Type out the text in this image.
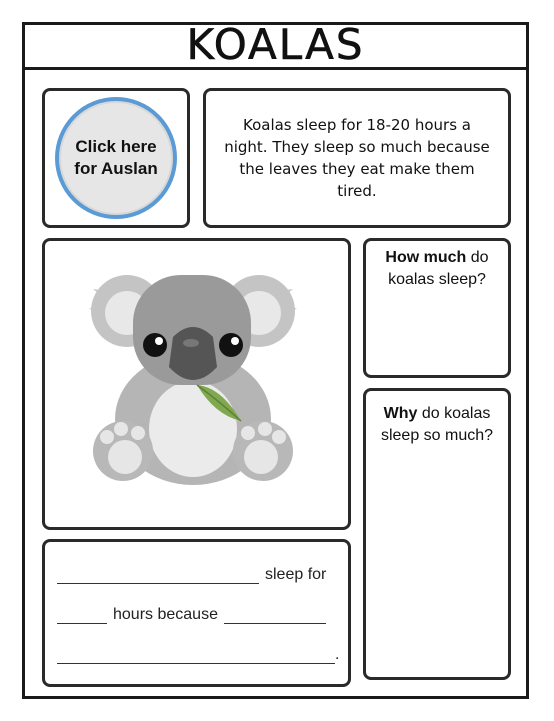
KOALAS
Click here for Auslan
Koalas sleep for 18-20 hours a night. They sleep so much because the leaves they eat make them tired.
How much do koalas sleep?
Why do koalas sleep so much?
sleep for
hours because
.
